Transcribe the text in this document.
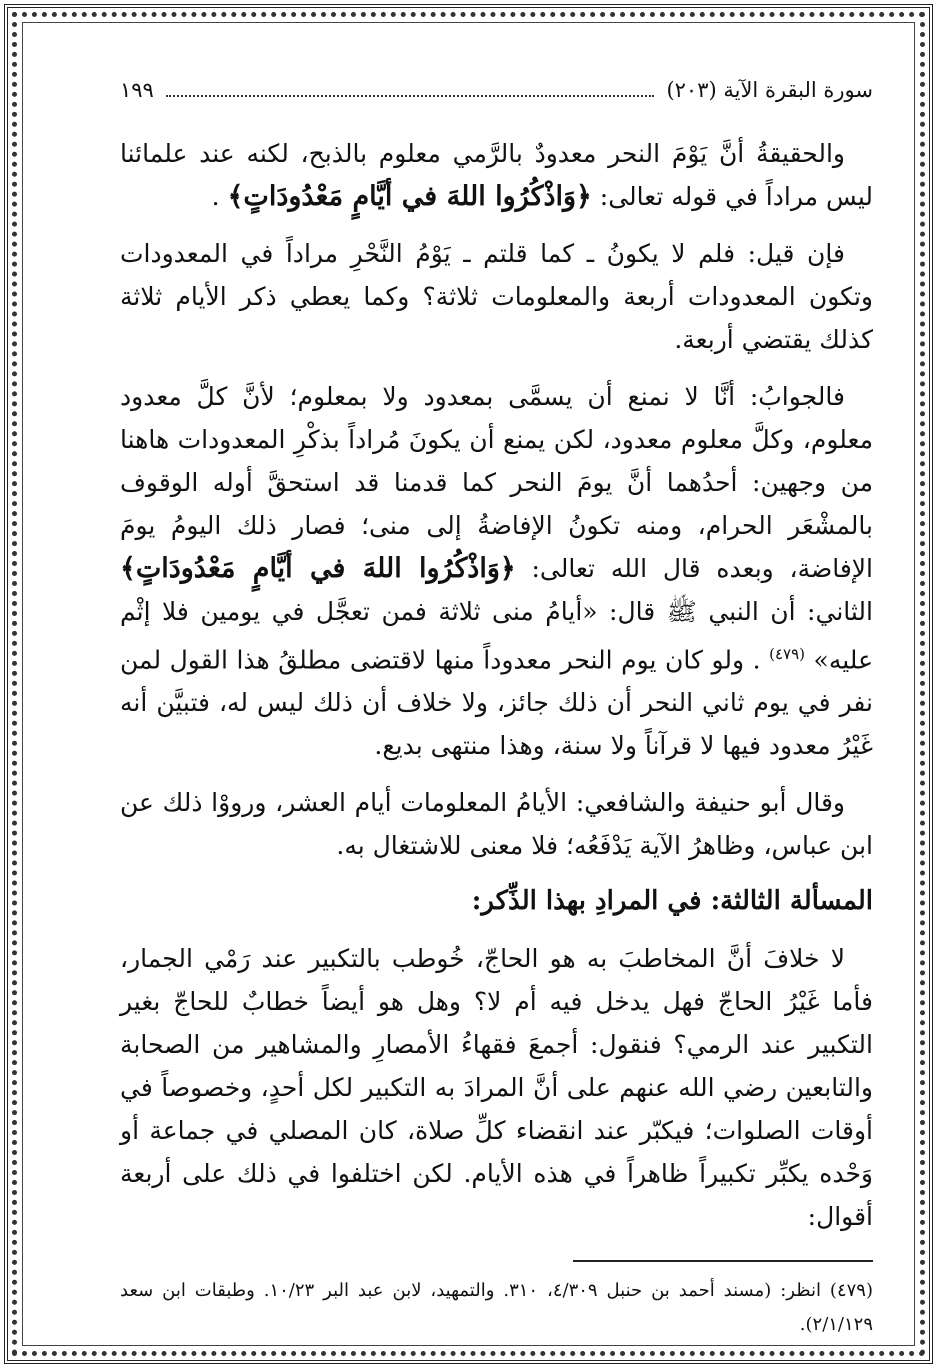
سورة البقرة الآية (٢٠٣)
١٩٩

والحقيقةُ أنَّ يَوْمَ النحر معدودٌ بالرَّمي معلوم بالذبح، لكنه عند علمائنا ليس مراداً في قوله تعالى: ﴿وَاذْكُرُوا اللهَ في أيَّامٍ مَعْدُودَاتٍ﴾ .

فإن قيل: فلم لا يكونُ ـ كما قلتم ـ يَوْمُ النَّحْرِ مراداً في المعدودات وتكون المعدودات أربعة والمعلومات ثلاثة؟ وكما يعطي ذكر الأيام ثلاثة كذلك يقتضي أربعة.

فالجوابُ: أنَّا لا نمنع أن يسمَّى بمعدود ولا بمعلوم؛ لأنَّ كلَّ معدود معلوم، وكلَّ معلوم معدود، لكن يمنع أن يكونَ مُراداً بذكْرِ المعدودات هاهنا من وجهين: أحدُهما أنَّ يومَ النحر كما قدمنا قد استحقَّ أوله الوقوف بالمشْعَر الحرام، ومنه تكونُ الإفاضةُ إلى منى؛ فصار ذلك اليومُ يومَ الإفاضة، وبعده قال الله تعالى: ﴿وَاذْكُرُوا اللهَ في أيَّامٍ مَعْدُودَاتٍ﴾ الثاني: أن النبي ﷺ قال: «أيامُ منى ثلاثة فمن تعجَّل في يومين فلا إثْم عليه» $^{(٤٧٩)}$ . ولو كان يوم النحر معدوداً منها لاقتضى مطلقُ هذا القول لمن نفر في يوم ثاني النحر أن ذلك جائز، ولا خلاف أن ذلك ليس له، فتبيَّن أنه غَيْرُ معدود فيها لا قرآناً ولا سنة، وهذا منتهى بديع.

وقال أبو حنيفة والشافعي: الأيامُ المعلومات أيام العشر، ورووْا ذلك عن ابن عباس، وظاهرُ الآية يَدْفَعُه؛ فلا معنى للاشتغال به.

المسألة الثالثة: في المرادِ بهذا الذِّكر:

لا خلافَ أنَّ المخاطبَ به هو الحاجّ، خُوطب بالتكبير عند رَمْي الجمار، فأما غَيْرُ الحاجّ فهل يدخل فيه أم لا؟ وهل هو أيضاً خطابٌ للحاجّ بغير التكبير عند الرمي؟ فنقول: أجمعَ فقهاءُ الأمصارِ والمشاهير من الصحابة والتابعين رضي الله عنهم على أنَّ المرادَ به التكبير لكل أحدٍ، وخصوصاً في أوقات الصلوات؛ فيكبّر عند انقضاء كلِّ صلاة، كان المصلي في جماعة أو وَحْده يكبِّر تكبيراً ظاهراً في هذه الأيام. لكن اختلفوا في ذلك على أربعة أقوال:

(٤٧٩) انظر: (مسند أحمد بن حنبل ٤/٣٠٩، ٣١٠. والتمهيد، لابن عبد البر ١٠/٢٣. وطبقات ابن سعد ٢/١/١٢٩).
